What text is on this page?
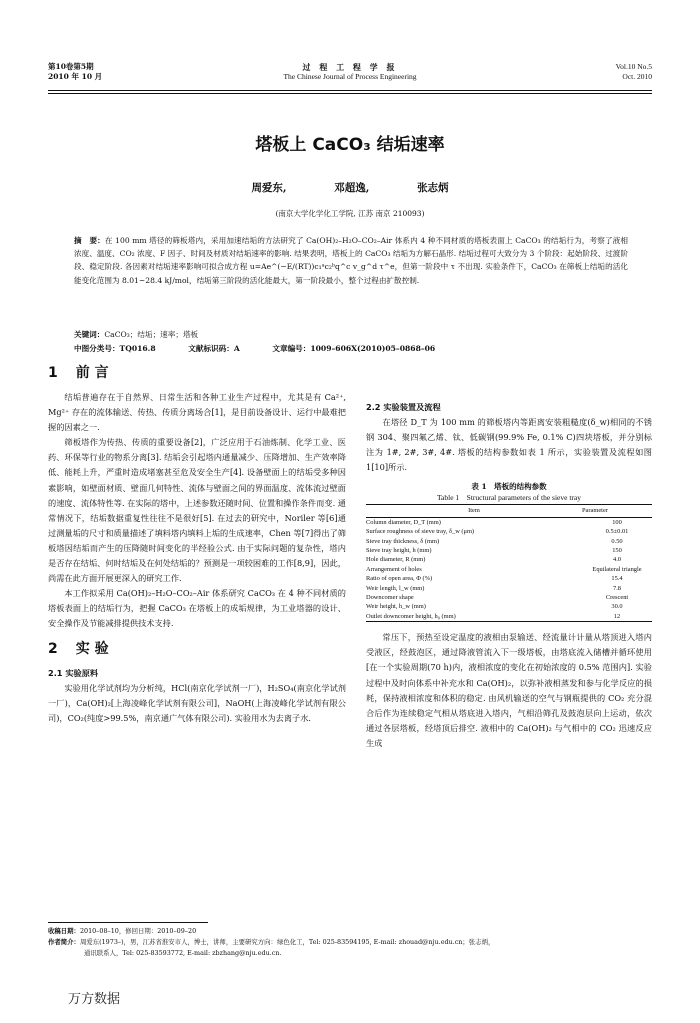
第10卷第5期
2010 年 10 月
过 程 工 程 学 报
The Chinese Journal of Process Engineering
Vol.10 No.5
Oct. 2010
塔板上 CaCO₃ 结垢速率
周爱东,	邓超逸,	张志炳
(南京大学化学化工学院, 江苏 南京 210093)
摘　要：在 100 mm 塔径的筛板塔内，采用加速结垢的方法研究了 Ca(OH)₂–H₂O–CO₂–Air 体系内 4 种不同材质的塔板表面上 CaCO₃ 的结垢行为，考察了液相浓度、温度、CO₂ 浓度、F 因子、时间及材质对结垢速率的影响. 结果表明，塔板上的 CaCO₃ 结垢为方解石晶形. 结垢过程可大致分为 3 个阶段：起始阶段、过渡阶段、稳定阶段. 各因素对结垢速率影响可拟合成方程 u=Ae^(−E/(RT))c₁ᵃc₂ᵇq^c v_g^d τ^e，但第一阶段中 τ 不出现. 实验条件下，CaCO₃ 在筛板上结垢的活化能变化范围为 8.01~28.4 kJ/mol，结垢第三阶段的活化能最大，第一阶段最小，整个过程由扩散控制.
关键词：CaCO₃；结垢；速率；塔板
中图分类号：TQ016.8	文献标识码：A	文章编号：1009–606X(2010)05–0868–06
1 前 言

结垢普遍存在于自然界、日常生活和各种工业生产过程中，尤其是有 Ca²⁺, Mg²⁺ 存在的流体输送、传热、传质分离场合[1]，是目前设备设计、运行中最难把握的因素之一.

筛板塔作为传热、传质的重要设备[2]，广泛应用于石油炼制、化学工业、医药、环保等行业的物系分离[3]. 结垢会引起塔内通量减少、压降增加、生产效率降低、能耗上升，严重时造成堵塞甚至危及安全生产[4]. 设备壁面上的结垢受多种因素影响，如壁面材质、壁面几何特性、流体与壁面之间的界面温度、流体流过壁面的速度、流体特性等. 在实际的塔中，上述参数还随时间、位置和操作条件而变. 通常情况下，结垢数据重复性往往不是很好[5]. 在过去的研究中，Noriler 等[6]通过测量垢的尺寸和质量描述了填料塔内填料上垢的生成速率，Chen 等[7]得出了筛板塔因结垢而产生的压降随时间变化的半经验公式. 由于实际问题的复杂性，塔内是否存在结垢、何时结垢及在何处结垢的？预测是一项较困难的工作[8,9]，因此，尚需在此方面开展更深入的研究工作.

本工作拟采用 Ca(OH)₂–H₂O–CO₂–Air 体系研究 CaCO₃ 在 4 种不同材质的塔板表面上的结垢行为，把握 CaCO₃ 在塔板上的成垢规律，为工业塔器的设计、安全操作及节能减排提供技术支持.

2 实 验
2.1 实验原料

实验用化学试剂均为分析纯，HCl(南京化学试剂一厂)，H₂SO₄(南京化学试剂一厂)，Ca(OH)₂[上海凌峰化学试剂有限公司]，NaOH(上海凌峰化学试剂有限公司)，CO₂(纯度>99.5%，南京通广气体有限公司). 实验用水为去离子水.

2.2 实验装置及流程

在塔径 D_T 为 100 mm 的筛板塔内等距离安装粗糙度(δ_w)相同的不锈钢 304、聚四氟乙烯、钛、低碳钢(99.9% Fe, 0.1% C)四块塔板，并分别标注为 1#, 2#, 3#, 4#. 塔板的结构参数如表 1 所示，实验装置及流程如图 1[10]所示.

表 1　塔板的结构参数
Table 1　Structural parameters of the sieve tray
Item	Parameter
Column diameter, D_T (mm)	100
Surface roughness of sieve tray, δ_w (μm)	0.5±0.01
Sieve tray thickness, δ (mm)	0.50
Sieve tray height, h (mm)	150
Hole diameter, R (mm)	4.0
Arrangement of holes	Equilateral triangle
Ratio of open area, Φ (%)	15.4
Weir length, l_w (mm)	7.8
Downcomer shape	Crescent
Weir height, h_w (mm)	30.0
Outlet downcomer height, h₀ (mm)	12

常压下，预热至设定温度的液相由泵输送、经流量计计量从塔顶进入塔内受液区，经鼓泡区，通过降液管流入下一级塔板，由塔底流入储槽并循环使用[在一个实验周期(70 h)内，液相浓度的变化在初始浓度的 0.5% 范围内]. 实验过程中及时向体系中补充水和 Ca(OH)₂，以弥补液相蒸发和参与化学反应的损耗，保持液相浓度和体积的稳定. 由风机输送的空气与钢瓶提供的 CO₂ 充分混合后作为连续稳定气相从塔底进入塔内，气相沿筛孔及鼓泡层向上运动，依次通过各层塔板，经塔顶后排空. 液相中的 Ca(OH)₂ 与气相中的 CO₂ 迅速反应生成

收稿日期：2010–08–10，修回日期：2010–09–20
作者简介：周爱东(1973–)，男，江苏省淮安市人，博士，讲师，主要研究方向：绿色化工，Tel: 025-83594195, E-mail: zhouad@nju.edu.cn；张志炳，
通讯联系人，Tel: 025-83593772, E-mail: zbzhang@nju.edu.cn.
万方数据
